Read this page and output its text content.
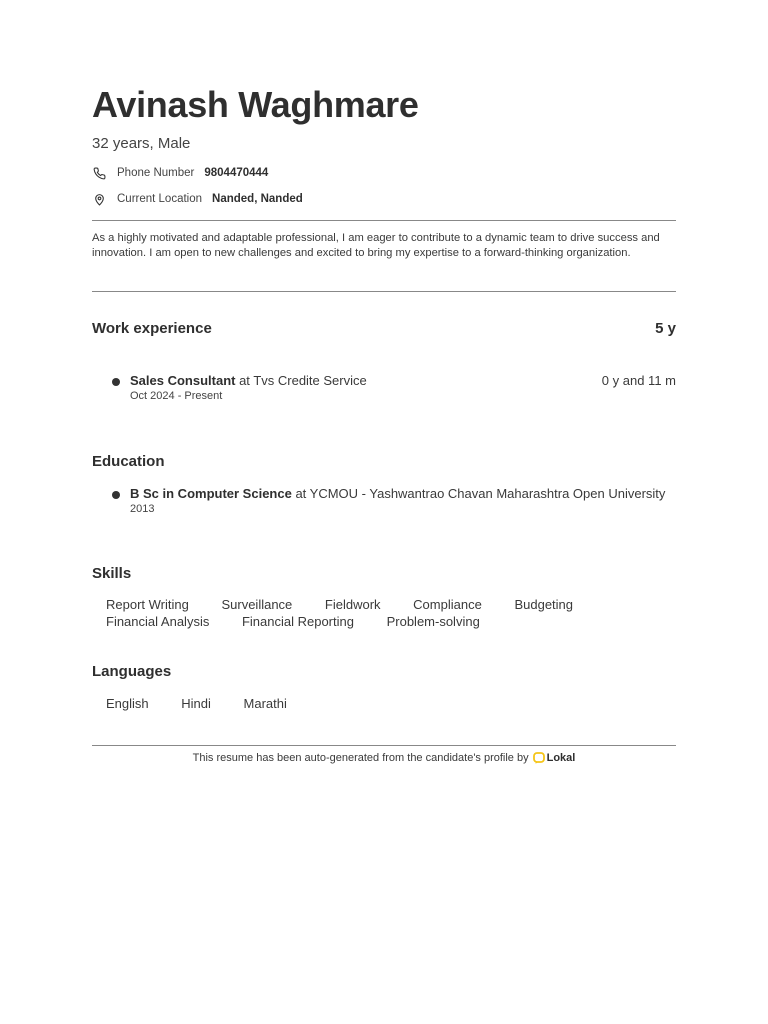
Avinash Waghmare
32 years, Male
Phone Number 9804470444
Current Location Nanded, Nanded
As a highly motivated and adaptable professional, I am eager to contribute to a dynamic team to drive success and innovation. I am open to new challenges and excited to bring my expertise to a forward-thinking organization.
Work experience	5 y
Sales Consultant at Tvs Credite Service
Oct 2024 - Present
0 y and 11 m
Education
B Sc in Computer Science at YCMOU - Yashwantrao Chavan Maharashtra Open University
2013
Skills
Report Writing	Surveillance	Fieldwork	Compliance	Budgeting Financial Analysis	Financial Reporting	Problem-solving
Languages
English	Hindi	Marathi
This resume has been auto-generated from the candidate's profile by Lokal
